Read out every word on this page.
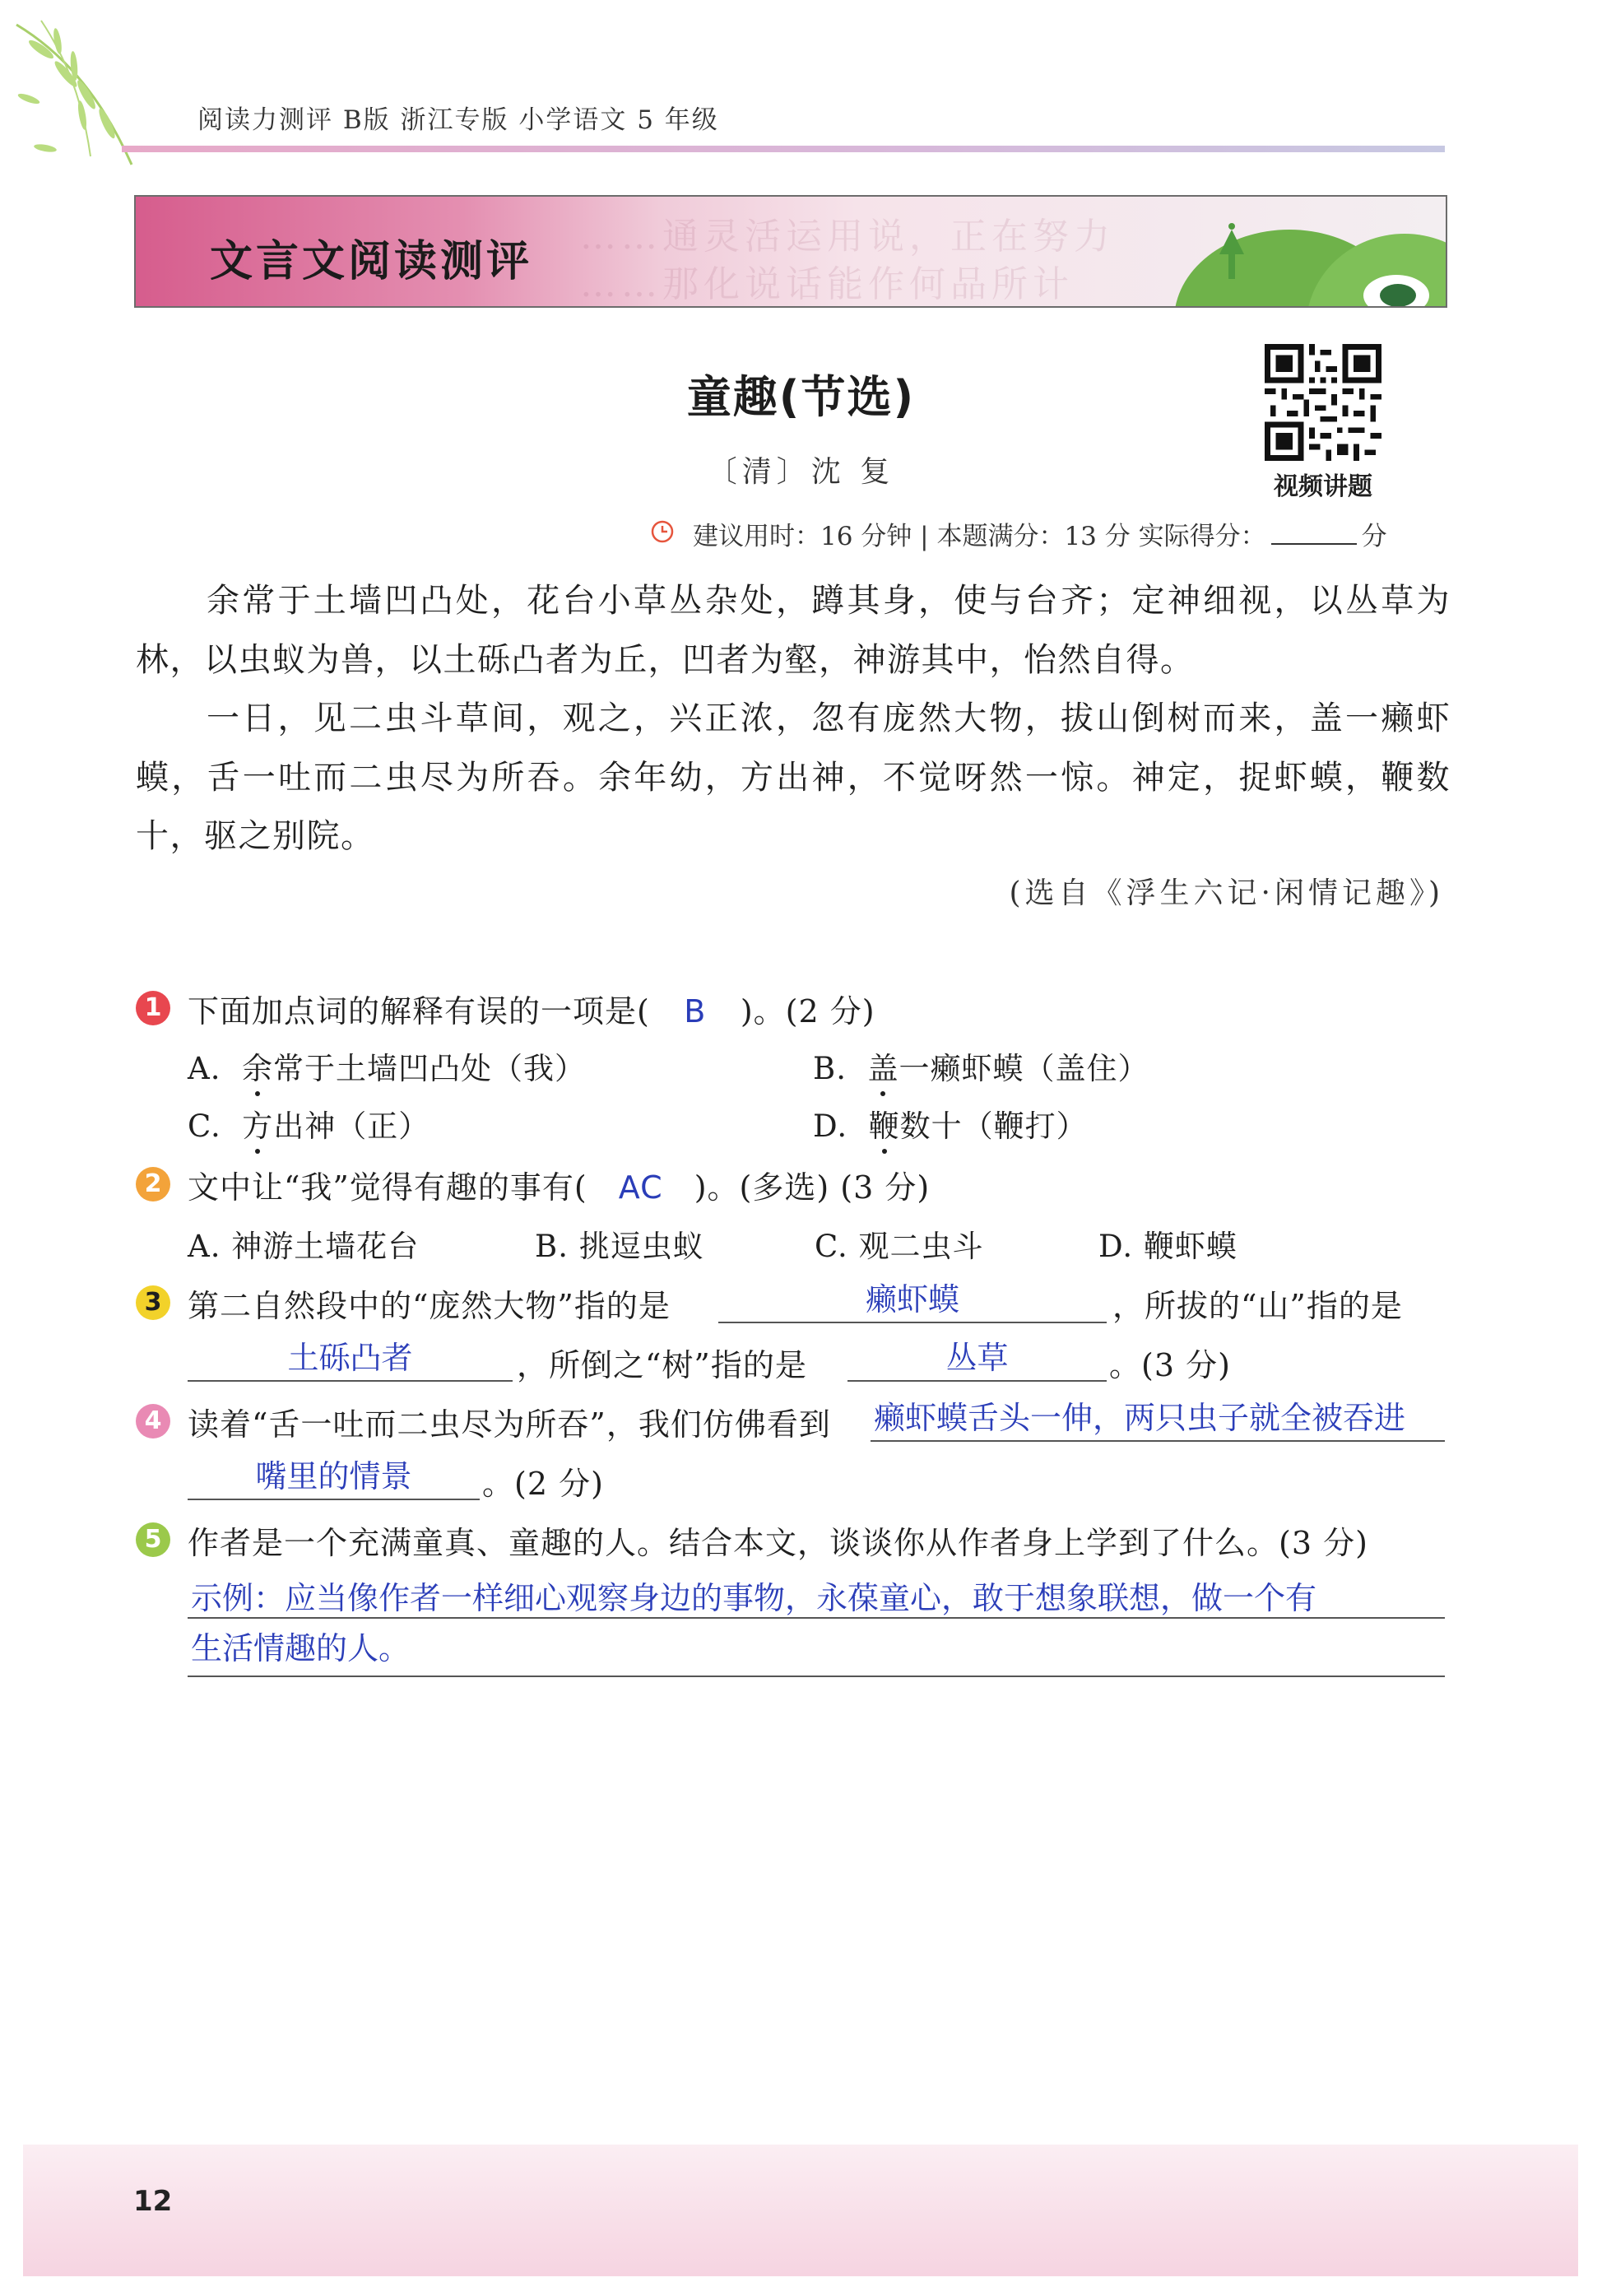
浙 阅读力测评 B版 浙江专版 小学语文 5 年级
……通灵活运用说，正在努力
……那化说话能作何品所计
文言文阅读测评
童趣(节选)
〔清〕沈 复	视频讲题
建议用时：16 分钟 | 本题满分：13 分 实际得分：	分

余常于土墙凹凸处，花台小草丛杂处，蹲其身，使与台齐；定神细视，以丛草为林，以虫蚁为兽，以土砾凸者为丘，凹者为壑，神游其中，怡然自得。

一日，见二虫斗草间，观之，兴正浓，忽有庞然大物，拔山倒树而来，盖一癞虾蟆，舌一吐而二虫尽为所吞。余年幼，方出神，不觉呀然一惊。神定，捉虾蟆，鞭数十，驱之别院。

(选自《浮生六记·闲情记趣》)
1 下面加点词的解释有误的一项是( B )。(2 分)
A. 余常于土墙凹凸处（我）	B. 盖一癞虾蟆（盖住）
C. 方出神（正）	D. 鞭数十（鞭打）
2 文中让“我”觉得有趣的事有( AC )。(多选) (3 分)
A. 神游土墙花台	B. 挑逗虫蚁	C. 观二虫斗	D. 鞭虾蟆
3 第二自然段中的“庞然大物”指的是	癞虾蟆	，所拔的“山”指的是
土砾凸者	，所倒之“树”指的是	丛草	。(3 分)
4 读着“舌一吐而二虫尽为所吞”，我们仿佛看到 癞虾蟆舌头一伸，两只虫子就全被吞进
嘴里的情景	。(2 分)
5 作者是一个充满童真、童趣的人。结合本文，谈谈你从作者身上学到了什么。(3 分)
示例：应当像作者一样细心观察身边的事物，永葆童心，敢于想象联想，做一个有
生活情趣的人。
12
